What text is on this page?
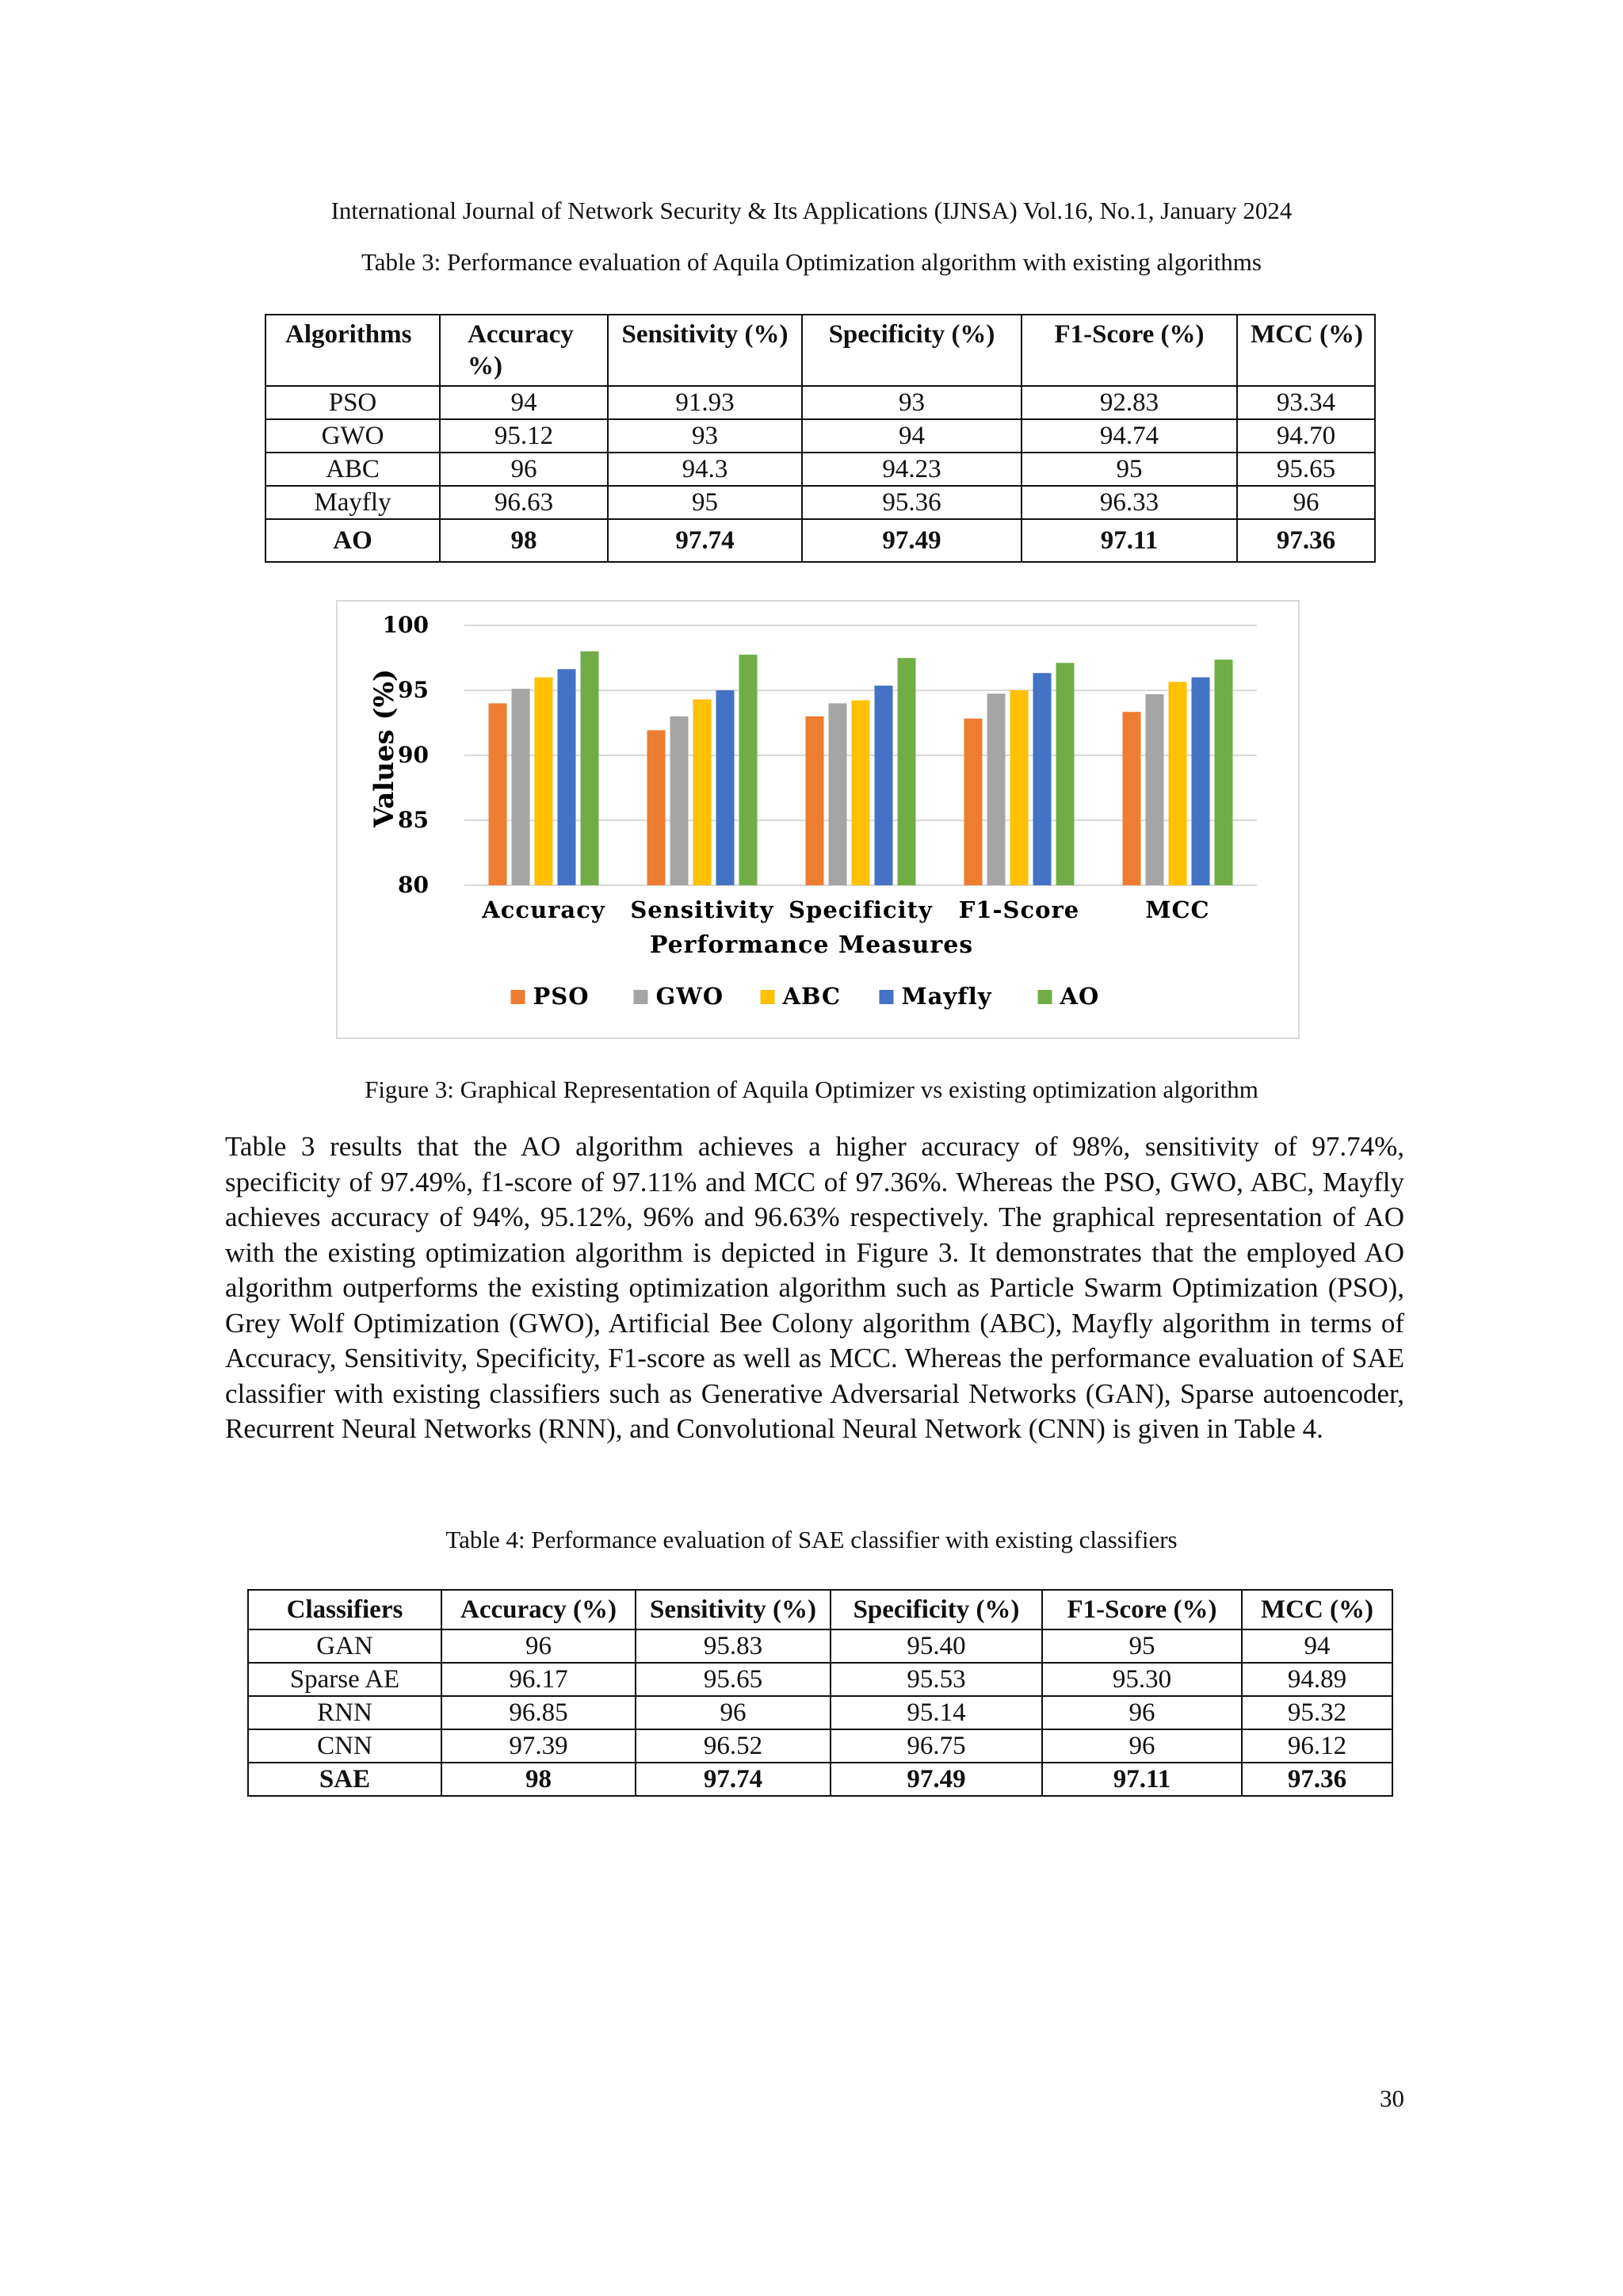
International Journal of Network Security & Its Applications (IJNSA) Vol.16, No.1, January 2024
Table 3: Performance evaluation of Aquila Optimization algorithm with existing algorithms
Algorithms	Accuracy %)	Sensitivity (%)	Specificity (%)	F1-Score (%)	MCC (%)
PSO	94	91.93	93	92.83	93.34
GWO	95.12	93	94	94.74	94.70
ABC	96	94.3	94.23	95	95.65
Mayfly	96.63	95	95.36	96.33	96
AO	98	97.74	97.49	97.11	97.36
80
85
90
95
100
Accuracy Sensitivity Specificity F1-Score	MCC
Values (%)
Performance Measures
PSO	GWO	ABC	Mayfly	AO
Figure 3: Graphical Representation of Aquila Optimizer vs existing optimization algorithm
Table 3 results that the AO algorithm achieves a higher accuracy of 98%, sensitivity of 97.74%, specificity of 97.49%, f1-score of 97.11% and MCC of 97.36%. Whereas the PSO, GWO, ABC, Mayfly achieves accuracy of 94%, 95.12%, 96% and 96.63% respectively. The graphical representation of AO with the existing optimization algorithm is depicted in Figure 3. It demonstrates that the employed AO algorithm outperforms the existing optimization algorithm such as Particle Swarm Optimization (PSO), Grey Wolf Optimization (GWO), Artificial Bee Colony algorithm (ABC), Mayfly algorithm in terms of Accuracy, Sensitivity, Specificity, F1-score as well as MCC. Whereas the performance evaluation of SAE classifier with existing classifiers such as Generative Adversarial Networks (GAN), Sparse autoencoder, Recurrent Neural Networks (RNN), and Convolutional Neural Network (CNN) is given in Table 4.
Table 4: Performance evaluation of SAE classifier with existing classifiers
Classifiers	Accuracy (%)	Sensitivity (%)	Specificity (%)	F1-Score (%)	MCC (%)
GAN	96	95.83	95.40	95	94
Sparse AE	96.17	95.65	95.53	95.30	94.89
RNN	96.85	96	95.14	96	95.32
CNN	97.39	96.52	96.75	96	96.12
SAE	98	97.74	97.49	97.11	97.36
30
